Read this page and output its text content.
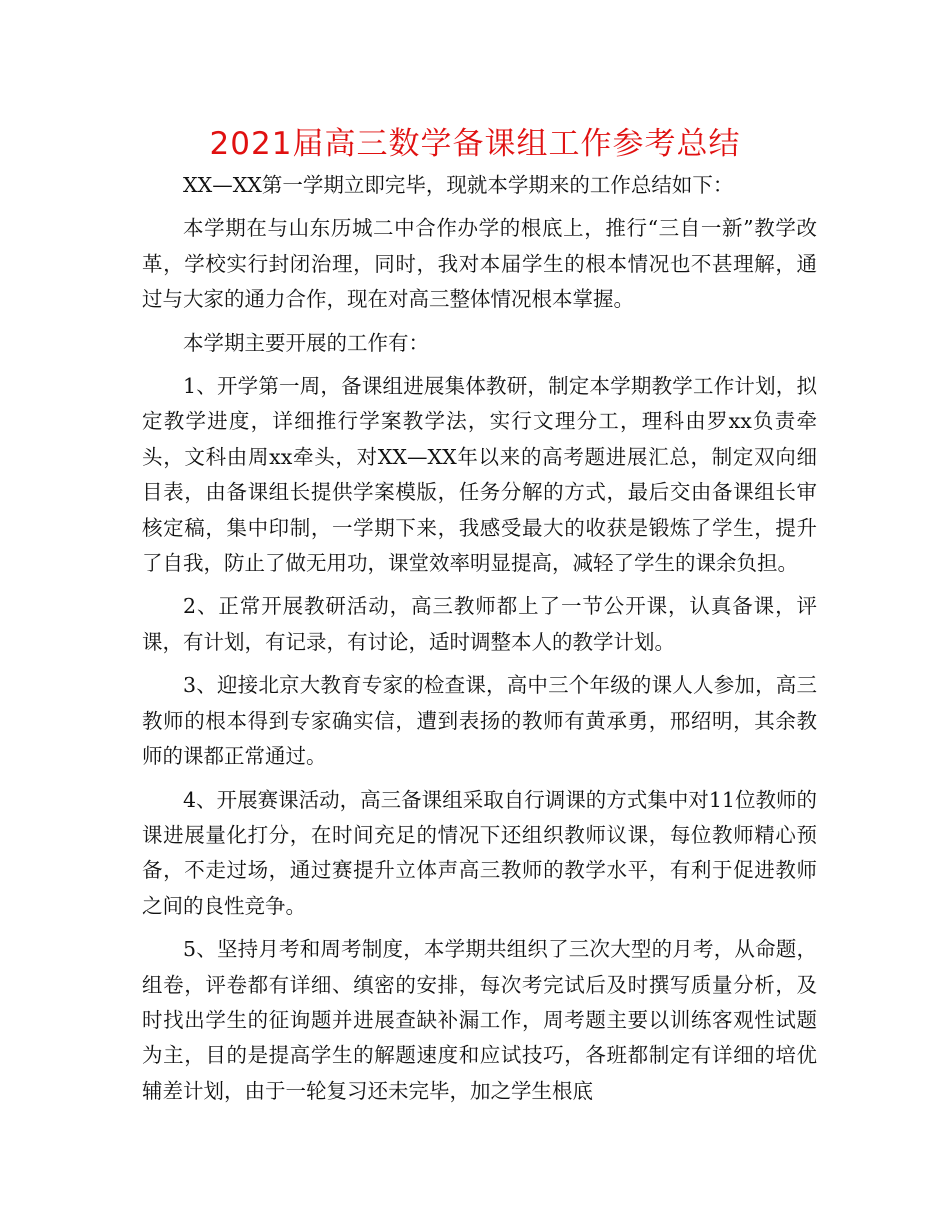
2021届高三数学备课组工作参考总结

XX—XX第一学期立即完毕，现就本学期来的工作总结如下：

本学期在与山东历城二中合作办学的根底上，推行“三自一新”教学改革，学校实行封闭治理，同时，我对本届学生的根本情况也不甚理解，通过与大家的通力合作，现在对高三整体情况根本掌握。

本学期主要开展的工作有：

1、开学第一周，备课组进展集体教研，制定本学期教学工作计划，拟定教学进度，详细推行学案教学法，实行文理分工，理科由罗xx负责牵头，文科由周xx牵头，对XX—XX年以来的高考题进展汇总，制定双向细目表，由备课组长提供学案模版，任务分解的方式，最后交由备课组长审核定稿，集中印制，一学期下来，我感受最大的收获是锻炼了学生，提升了自我，防止了做无用功，课堂效率明显提高，减轻了学生的课余负担。

2、正常开展教研活动，高三教师都上了一节公开课，认真备课，评课，有计划，有记录，有讨论，适时调整本人的教学计划。

3、迎接北京大教育专家的检查课，高中三个年级的课人人参加，高三教师的根本得到专家确实信，遭到表扬的教师有黄承勇，邢绍明，其余教师的课都正常通过。

4、开展赛课活动，高三备课组采取自行调课的方式集中对11位教师的课进展量化打分，在时间充足的情况下还组织教师议课，每位教师精心预备，不走过场，通过赛提升立体声高三教师的教学水平，有利于促进教师之间的良性竞争。

5、坚持月考和周考制度，本学期共组织了三次大型的月考，从命题，组卷，评卷都有详细、缜密的安排，每次考完试后及时撰写质量分析，及时找出学生的征询题并进展查缺补漏工作，周考题主要以训练客观性试题为主，目的是提高学生的解题速度和应试技巧，各班都制定有详细的培优辅差计划，由于一轮复习还未完毕，加之学生根底
